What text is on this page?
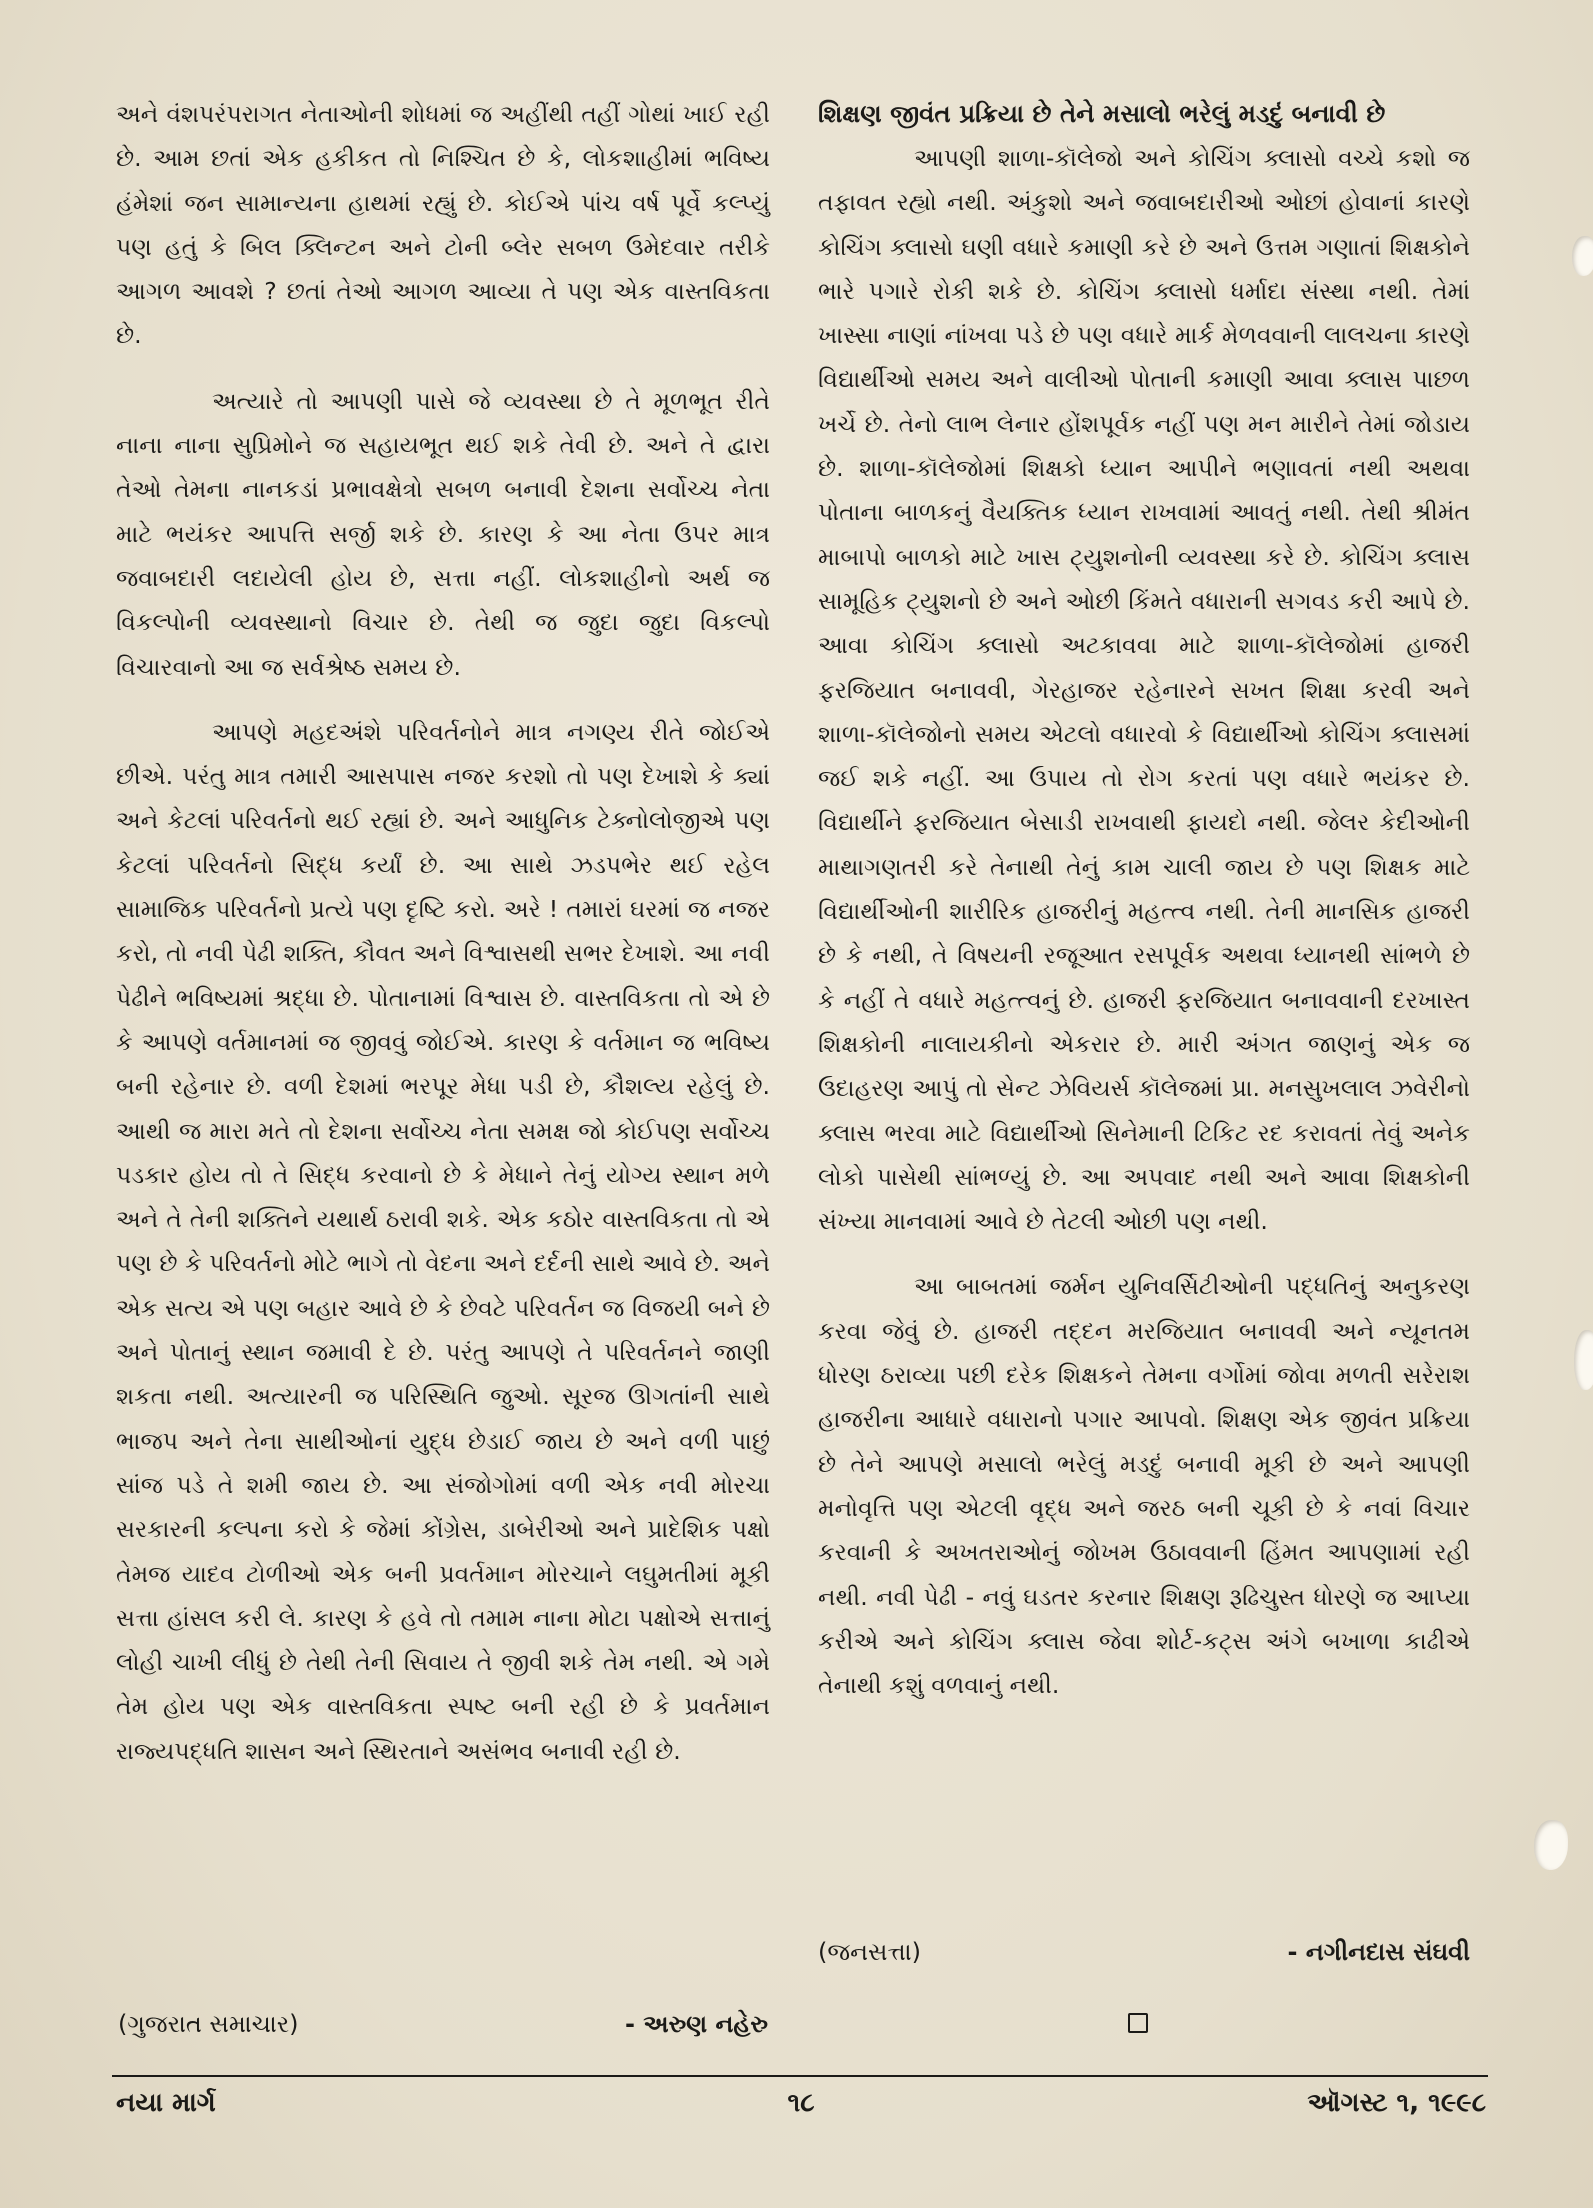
અને વંશપરંપરાગત નેતાઓની શોધમાં જ અહીંથી તહીં ગોથાં ખાઈ રહી છે. આમ છતાં એક હકીકત તો નિશ્ચિત છે કે, લોકશાહીમાં ભવિષ્ય હંમેશાં જન સામાન્યના હાથમાં રહ્યું છે. કોઈએ પાંચ વર્ષ પૂર્વે કલ્પ્યું પણ હતું કે બિલ ક્લિન્ટન અને ટોની બ્લેર સબળ ઉમેદવાર તરીકે આગળ આવશે ? છતાં તેઓ આગળ આવ્યા તે પણ એક વાસ્તવિકતા છે.

અત્યારે તો આપણી પાસે જે વ્યવસ્થા છે તે મૂળભૂત રીતે નાના નાના સુપ્રિમોને જ સહાયભૂત થઈ શકે તેવી છે. અને તે દ્વારા તેઓ તેમના નાનકડાં પ્રભાવક્ષેત્રો સબળ બનાવી દેશના સર્વોચ્ચ નેતા માટે ભયંકર આપત્તિ સર્જી શકે છે. કારણ કે આ નેતા ઉપર માત્ર જવાબદારી લદાયેલી હોય છે, સત્તા નહીં. લોકશાહીનો અર્થ જ વિકલ્પોની વ્યવસ્થાનો વિચાર છે. તેથી જ જુદા જુદા વિકલ્પો વિચારવાનો આ જ સર્વશ્રેષ્ઠ સમય છે.

આપણે મહદઅંશે પરિવર્તનોને માત્ર નગણ્ય રીતે જોઈએ છીએ. પરંતુ માત્ર તમારી આસપાસ નજર કરશો તો પણ દેખાશે કે ક્યાં અને કેટલાં પરિવર્તનો થઈ રહ્યાં છે. અને આધુનિક ટેક્નોલોજીએ પણ કેટલાં પરિવર્તનો સિદ્ધ કર્યાં છે. આ સાથે ઝડપભેર થઈ રહેલ સામાજિક પરિવર્તનો પ્રત્યે પણ દૃષ્ટિ કરો. અરે ! તમારાં ઘરમાં જ નજર કરો, તો નવી પેઢી શક્તિ, કૌવત અને વિશ્વાસથી સભર દેખાશે. આ નવી પેઢીને ભવિષ્યમાં શ્રદ્ધા છે. પોતાનામાં વિશ્વાસ છે. વાસ્તવિકતા તો એ છે કે આપણે વર્તમાનમાં જ જીવવું જોઈએ. કારણ કે વર્તમાન જ ભવિષ્ય બની રહેનાર છે. વળી દેશમાં ભરપૂર મેધા પડી છે, કૌશલ્ય રહેલું છે. આથી જ મારા મતે તો દેશના સર્વોચ્ચ નેતા સમક્ષ જો કોઈપણ સર્વોચ્ચ પડકાર હોય તો તે સિદ્ધ કરવાનો છે કે મેધાને તેનું યોગ્ય સ્થાન મળે અને તે તેની શક્તિને યથાર્થ ઠરાવી શકે. એક કઠોર વાસ્તવિકતા તો એ પણ છે કે પરિવર્તનો મોટે ભાગે તો વેદના અને દર્દની સાથે આવે છે. અને એક સત્ય એ પણ બહાર આવે છે કે છેવટે પરિવર્તન જ વિજયી બને છે અને પોતાનું સ્થાન જમાવી દે છે. પરંતુ આપણે તે પરિવર્તનને જાણી શકતા નથી. અત્યારની જ પરિસ્થિતિ જુઓ. સૂરજ ઊગતાંની સાથે ભાજપ અને તેના સાથીઓનાં યુદ્ધ છેડાઈ જાય છે અને વળી પાછું સાંજ પડે તે શમી જાય છે. આ સંજોગોમાં વળી એક નવી મોરચા સરકારની કલ્પના કરો કે જેમાં કોંગ્રેસ, ડાબેરીઓ અને પ્રાદેશિક પક્ષો તેમજ યાદવ ટોળીઓ એક બની પ્રવર્તમાન મોરચાને લઘુમતીમાં મૂકી સત્તા હાંસલ કરી લે. કારણ કે હવે તો તમામ નાના મોટા પક્ષોએ સત્તાનું લોહી ચાખી લીધું છે તેથી તેની સિવાય તે જીવી શકે તેમ નથી. એ ગમે તેમ હોય પણ એક વાસ્તવિકતા સ્પષ્ટ બની રહી છે કે પ્રવર્તમાન રાજ્યપદ્ધતિ શાસન અને સ્થિરતાને અસંભવ બનાવી રહી છે.

(ગુજરાત સમાચાર)	- અરુણ નહેરુ

શિક્ષણ જીવંત પ્રક્રિયા છે તેને મસાલો ભરેલું મડદું બનાવી છે

આપણી શાળા-કૉલેજો અને કોચિંગ ક્લાસો વચ્ચે કશો જ તફાવત રહ્યો નથી. અંકુશો અને જવાબદારીઓ ઓછાં હોવાનાં કારણે કોચિંગ ક્લાસો ઘણી વધારે કમાણી કરે છે અને ઉત્તમ ગણાતાં શિક્ષકોને ભારે પગારે રોકી શકે છે. કોચિંગ ક્લાસો ધર્માદા સંસ્થા નથી. તેમાં ખાસ્સા નાણાં નાંખવા પડે છે પણ વધારે માર્ક મેળવવાની લાલચના કારણે વિદ્યાર્થીઓ સમય અને વાલીઓ પોતાની કમાણી આવા ક્લાસ પાછળ ખર્ચે છે. તેનો લાભ લેનાર હોંશપૂર્વક નહીં પણ મન મારીને તેમાં જોડાય છે. શાળા-કૉલેજોમાં શિક્ષકો ધ્યાન આપીને ભણાવતાં નથી અથવા પોતાના બાળકનું વૈયક્તિક ધ્યાન રાખવામાં આવતું નથી. તેથી શ્રીમંત માબાપો બાળકો માટે ખાસ ટ્યુશનોની વ્યવસ્થા કરે છે. કોચિંગ ક્લાસ સામૂહિક ટ્યુશનો છે અને ઓછી કિંમતે વધારાની સગવડ કરી આપે છે. આવા કોચિંગ ક્લાસો અટકાવવા માટે શાળા-કૉલેજોમાં હાજરી ફરજિયાત બનાવવી, ગેરહાજર રહેનારને સખત શિક્ષા કરવી અને શાળા-કૉલેજોનો સમય એટલો વધારવો કે વિદ્યાર્થીઓ કોચિંગ ક્લાસમાં જઈ શકે નહીં. આ ઉપાય તો રોગ કરતાં પણ વધારે ભયંકર છે. વિદ્યાર્થીને ફરજિયાત બેસાડી રાખવાથી ફાયદો નથી. જેલર કેદીઓની માથાગણતરી કરે તેનાથી તેનું કામ ચાલી જાય છે પણ શિક્ષક માટે વિદ્યાર્થીઓની શારીરિક હાજરીનું મહત્ત્વ નથી. તેની માનસિક હાજરી છે કે નથી, તે વિષયની રજૂઆત રસપૂર્વક અથવા ધ્યાનથી સાંભળે છે કે નહીં તે વધારે મહત્ત્વનું છે. હાજરી ફરજિયાત બનાવવાની દરખાસ્ત શિક્ષકોની નાલાયકીનો એકરાર છે. મારી અંગત જાણનું એક જ ઉદાહરણ આપું તો સેન્ટ ઝેવિયર્સ કૉલેજમાં પ્રા. મનસુખલાલ ઝવેરીનો ક્લાસ ભરવા માટે વિદ્યાર્થીઓ સિનેમાની ટિકિટ રદ કરાવતાં તેવું અનેક લોકો પાસેથી સાંભળ્યું છે. આ અપવાદ નથી અને આવા શિક્ષકોની સંખ્યા માનવામાં આવે છે તેટલી ઓછી પણ નથી.

આ બાબતમાં જર્મન યુનિવર્સિટીઓની પદ્ધતિનું અનુકરણ કરવા જેવું છે. હાજરી તદ્દન મરજિયાત બનાવવી અને ન્યૂનતમ ધોરણ ઠરાવ્યા પછી દરેક શિક્ષકને તેમના વર્ગોમાં જોવા મળતી સરેરાશ હાજરીના આધારે વધારાનો પગાર આપવો. શિક્ષણ એક જીવંત પ્રક્રિયા છે તેને આપણે મસાલો ભરેલું મડદું બનાવી મૂકી છે અને આપણી મનોવૃત્તિ પણ એટલી વૃદ્ધ અને જરઠ બની ચૂકી છે કે નવાં વિચાર કરવાની કે અખતરાઓનું જોખમ ઉઠાવવાની હિંમત આપણામાં રહી નથી. નવી પેઢી - નવું ઘડતર કરનાર શિક્ષણ રૂઢિચુસ્ત ધોરણે જ આપ્યા કરીએ અને કોચિંગ ક્લાસ જેવા શોર્ટ-કટ્સ અંગે બખાળા કાઢીએ તેનાથી કશું વળવાનું નથી.

(જનસત્તા)	- નગીનદાસ સંઘવી
નયા માર્ગ	૧૮	ઑગસ્ટ ૧, ૧૯૯૮
